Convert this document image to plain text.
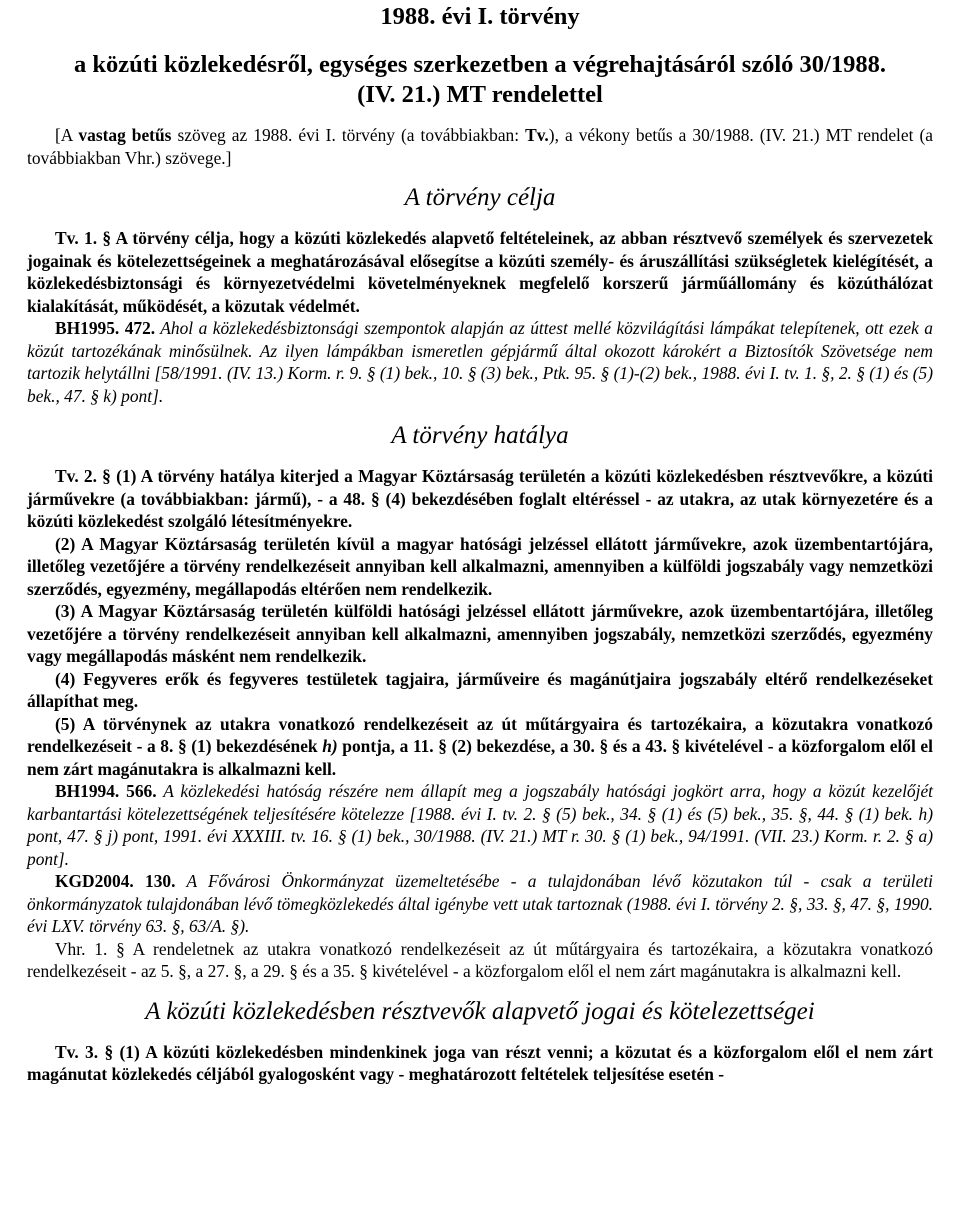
1988. évi I. törvény
a közúti közlekedésről, egységes szerkezetben a végrehajtásáról szóló 30/1988.
(IV. 21.) MT rendelettel

[A vastag betűs szöveg az 1988. évi I. törvény (a továbbiakban: Tv.), a vékony betűs a 30/1988. (IV. 21.) MT rendelet (a továbbiakban Vhr.) szövege.]

A törvény célja

Tv. 1. § A törvény célja, hogy a közúti közlekedés alapvető feltételeinek, az abban résztvevő személyek és szervezetek jogainak és kötelezettségeinek a meghatározásával elősegítse a közúti személy- és áruszállítási szükségletek kielégítését, a közlekedésbiztonsági és környezetvédelmi követelményeknek megfelelő korszerű járműállomány és közúthálózat kialakítását, működését, a közutak védelmét.

BH1995. 472. Ahol a közlekedésbiztonsági szempontok alapján az úttest mellé közvilágítási lámpákat telepítenek, ott ezek a közút tartozékának minősülnek. Az ilyen lámpákban ismeretlen gépjármű által okozott károkért a Biztosítók Szövetsége nem tartozik helytállni [58/1991. (IV. 13.) Korm. r. 9. § (1) bek., 10. § (3) bek., Ptk. 95. § (1)-(2) bek., 1988. évi I. tv. 1. §, 2. § (1) és (5) bek., 47. § k) pont].

A törvény hatálya

Tv. 2. § (1) A törvény hatálya kiterjed a Magyar Köztársaság területén a közúti közlekedésben résztvevőkre, a közúti járművekre (a továbbiakban: jármű), - a 48. § (4) bekezdésében foglalt eltéréssel - az utakra, az utak környezetére és a közúti közlekedést szolgáló létesítményekre.

(2) A Magyar Köztársaság területén kívül a magyar hatósági jelzéssel ellátott járművekre, azok üzembentartójára, illetőleg vezetőjére a törvény rendelkezéseit annyiban kell alkalmazni, amennyiben a külföldi jogszabály vagy nemzetközi szerződés, egyezmény, megállapodás eltérően nem rendelkezik.

(3) A Magyar Köztársaság területén külföldi hatósági jelzéssel ellátott járművekre, azok üzembentartójára, illetőleg vezetőjére a törvény rendelkezéseit annyiban kell alkalmazni, amennyiben jogszabály, nemzetközi szerződés, egyezmény vagy megállapodás másként nem rendelkezik.

(4) Fegyveres erők és fegyveres testületek tagjaira, járműveire és magánútjaira jogszabály eltérő rendelkezéseket állapíthat meg.

(5) A törvénynek az utakra vonatkozó rendelkezéseit az út műtárgyaira és tartozékaira, a közutakra vonatkozó rendelkezéseit - a 8. § (1) bekezdésének h) pontja, a 11. § (2) bekezdése, a 30. § és a 43. § kivételével - a közforgalom elől el nem zárt magánutakra is alkalmazni kell.

BH1994. 566. A közlekedési hatóság részére nem állapít meg a jogszabály hatósági jogkört arra, hogy a közút kezelőjét karbantartási kötelezettségének teljesítésére kötelezze [1988. évi I. tv. 2. § (5) bek., 34. § (1) és (5) bek., 35. §, 44. § (1) bek. h) pont, 47. § j) pont, 1991. évi XXXIII. tv. 16. § (1) bek., 30/1988. (IV. 21.) MT r. 30. § (1) bek., 94/1991. (VII. 23.) Korm. r. 2. § a) pont].

KGD2004. 130. A Fővárosi Önkormányzat üzemeltetésébe - a tulajdonában lévő közutakon túl - csak a területi önkormányzatok tulajdonában lévő tömegközlekedés által igénybe vett utak tartoznak (1988. évi I. törvény 2. §, 33. §, 47. §, 1990. évi LXV. törvény 63. §, 63/A. §).

Vhr. 1. § A rendeletnek az utakra vonatkozó rendelkezéseit az út műtárgyaira és tartozékaira, a közutakra vonatkozó rendelkezéseit - az 5. §, a 27. §, a 29. § és a 35. § kivételével - a közforgalom elől el nem zárt magánutakra is alkalmazni kell.

A közúti közlekedésben résztvevők alapvető jogai és kötelezettségei

Tv. 3. § (1) A közúti közlekedésben mindenkinek joga van részt venni; a közutat és a közforgalom elől el nem zárt magánutat közlekedés céljából gyalogosként vagy - meghatározott feltételek teljesítése esetén -
